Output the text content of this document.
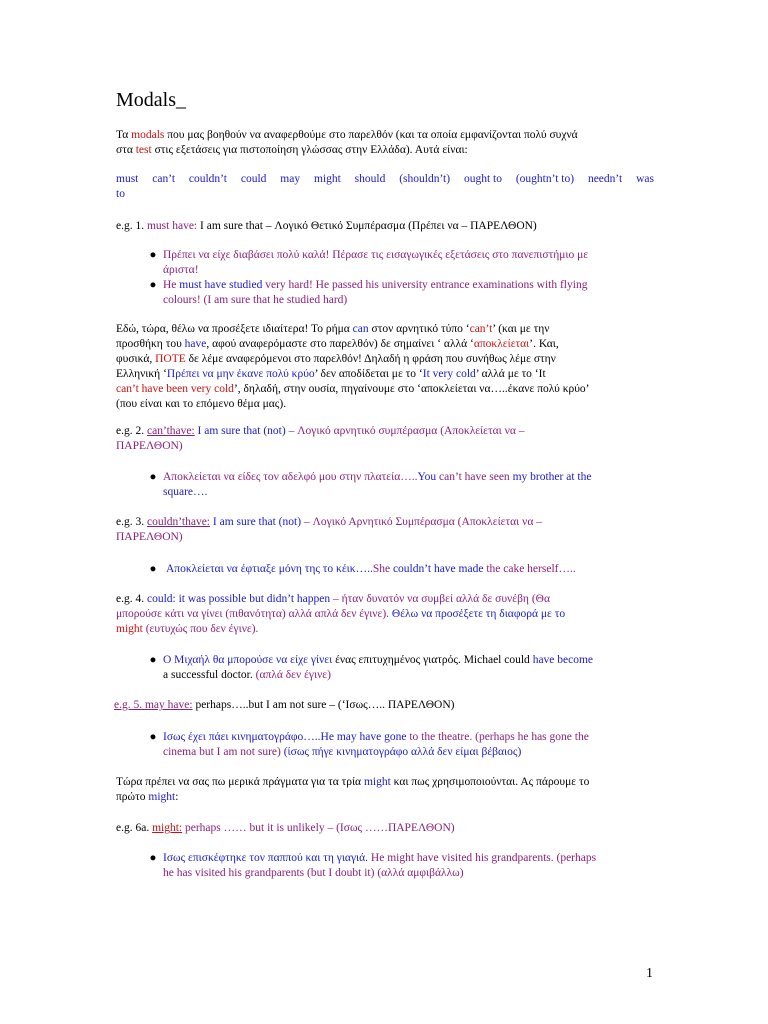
Modals_
Τα modals που μας βοηθούν να αναφερθούμε στο παρελθόν (και τα οποία εμφανίζονται πολύ συχνά
στα test στις εξετάσεις για πιστοποίηση γλώσσας στην Ελλάδα). Αυτά είναι:
must can’t couldn’t could may might should (shouldn’t) ought to (oughtn’t to) needn’t was
to
e.g. 1. must have: I am sure that – Λογικό Θετικό Συμπέρασμα (Πρέπει να – ΠΑΡΕΛΘΟΝ)
● Πρέπει να είχε διαβάσει πολύ καλά! Πέρασε τις εισαγωγικές εξετάσεις στο πανεπιστήμιο με
άριστα!
● He must have studied very hard! He passed his university entrance examinations with flying
colours! (I am sure that he studied hard)
Εδώ, τώρα, θέλω να προσέξετε ιδιαίτερα! Το ρήμα can στον αρνητικό τύπο ‘can’t’ (και με την
προσθήκη του have, αφού αναφερόμαστε στο παρελθόν) δε σημαίνει ‘ αλλά ‘αποκλείεται’. Και,
φυσικά, ΠΟΤΕ δε λέμε αναφερόμενοι στο παρελθόν! Δηλαδή η φράση που συνήθως λέμε στην
Ελληνική ‘Πρέπει να μην έκανε πολύ κρύο’ δεν αποδίδεται με το ‘It very cold’ αλλά με το ‘It
can’t have been very cold’, δηλαδή, στην ουσία, πηγαίνουμε στο ‘αποκλείεται να…..έκανε πολύ κρύο’
(που είναι και το επόμενο θέμα μας).
e.g. 2. can’thave: I am sure that (not) – Λογικό αρνητικό συμπέρασμα (Αποκλείεται να –
ΠΑΡΕΛΘΟΝ)
● Αποκλείεται να είδες τον αδελφό μου στην πλατεία…..You can’t have seen my brother at the
square….
e.g. 3. couldn’thave: I am sure that (not) – Λογικό Αρνητικό Συμπέρασμα (Αποκλείεται να –
ΠΑΡΕΛΘΟΝ)
● Αποκλείεται να έφτιαξε μόνη της το κέικ…..She couldn’t have made the cake herself…..
e.g. 4. could: it was possible but didn’t happen – ήταν δυνατόν να συμβεί αλλά δε συνέβη (Θα
μπορούσε κάτι να γίνει (πιθανότητα) αλλά απλά δεν έγινε). Θέλω να προσέξετε τη διαφορά με το
might (ευτυχώς που δεν έγινε).
● Ο Μιχαήλ θα μπορούσε να είχε γίνει ένας επιτυχημένος γιατρός. Michael could have become
a successful doctor. (απλά δεν έγινε)
e.g. 5. may have: perhaps…..but I am not sure – (‘Ισως….. ΠΑΡΕΛΘΟΝ)
● Ισως έχει πάει κινηματογράφο…..He may have gone to the theatre. (perhaps he has gone the
cinema but I am not sure) (ίσως πήγε κινηματογράφο αλλά δεν είμαι βέβαιος)
Τώρα πρέπει να σας πω μερικά πράγματα για τα τρία might και πως χρησιμοποιούνται. Ας πάρουμε το
πρώτο might:
e.g. 6a. might: perhaps …… but it is unlikely – (Ισως ……ΠΑΡΕΛΘΟΝ)
● Ισως επισκέφτηκε τον παππού και τη γιαγιά. He might have visited his grandparents. (perhaps
he has visited his grandparents (but I doubt it) (αλλά αμφιβάλλω)
1
